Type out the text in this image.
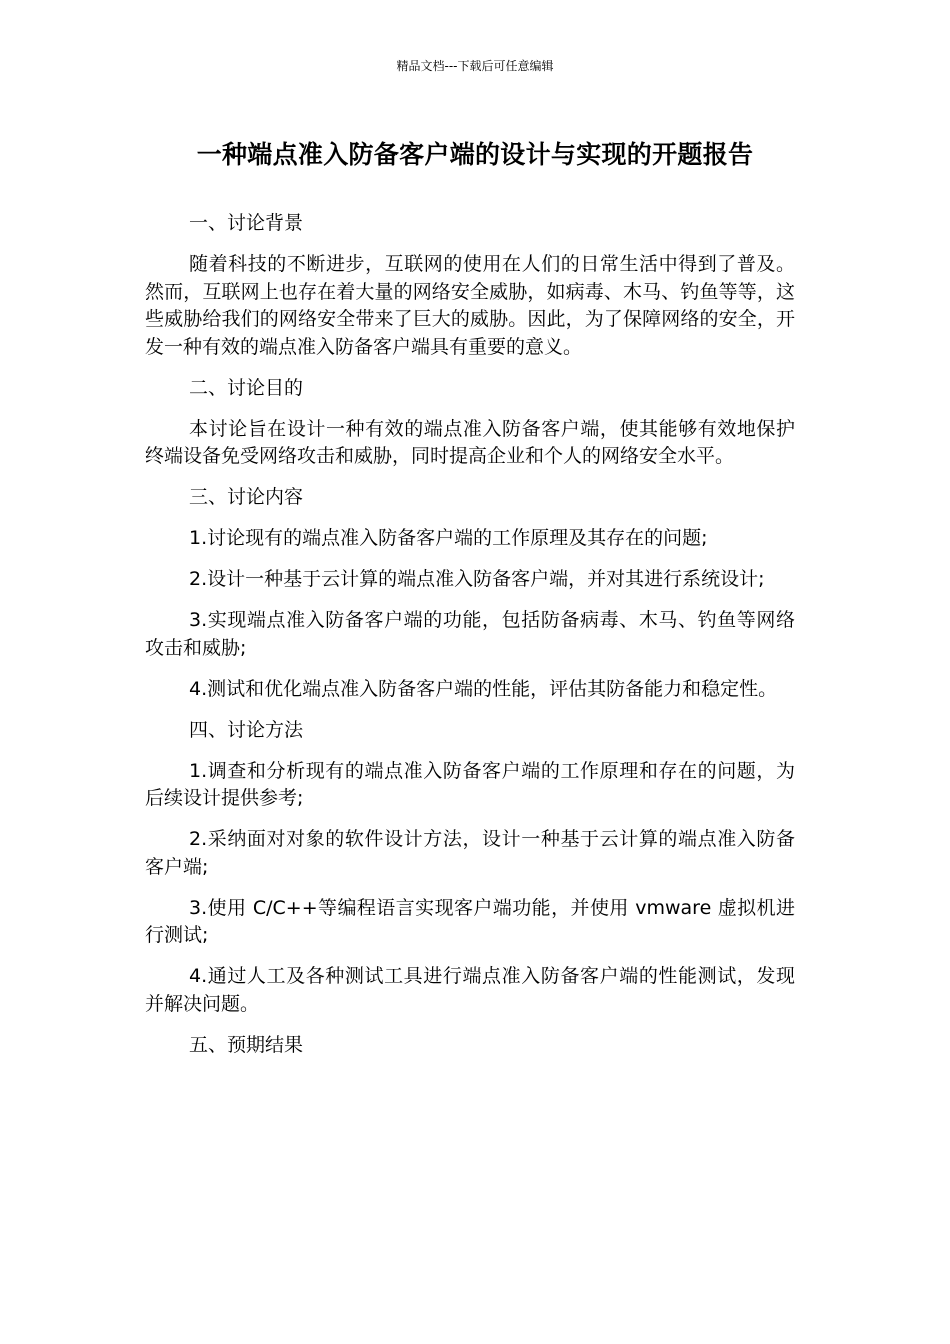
精品文档---下载后可任意编辑
一种端点准入防备客户端的设计与实现的开题报告

一、讨论背景

随着科技的不断进步，互联网的使用在人们的日常生活中得到了普及。然而，互联网上也存在着大量的网络安全威胁，如病毒、木马、钓鱼等等，这些威胁给我们的网络安全带来了巨大的威胁。因此，为了保障网络的安全，开发一种有效的端点准入防备客户端具有重要的意义。

二、讨论目的

本讨论旨在设计一种有效的端点准入防备客户端，使其能够有效地保护终端设备免受网络攻击和威胁，同时提高企业和个人的网络安全水平。

三、讨论内容

1.讨论现有的端点准入防备客户端的工作原理及其存在的问题;

2.设计一种基于云计算的端点准入防备客户端，并对其进行系统设计;

3.实现端点准入防备客户端的功能，包括防备病毒、木马、钓鱼等网络攻击和威胁;

4.测试和优化端点准入防备客户端的性能，评估其防备能力和稳定性。

四、讨论方法

1.调查和分析现有的端点准入防备客户端的工作原理和存在的问题，为后续设计提供参考;

2.采纳面对对象的软件设计方法，设计一种基于云计算的端点准入防备客户端;

3.使用 C/C++等编程语言实现客户端功能，并使用 vmware 虚拟机进行测试;

4.通过人工及各种测试工具进行端点准入防备客户端的性能测试，发现并解决问题。

五、预期结果
